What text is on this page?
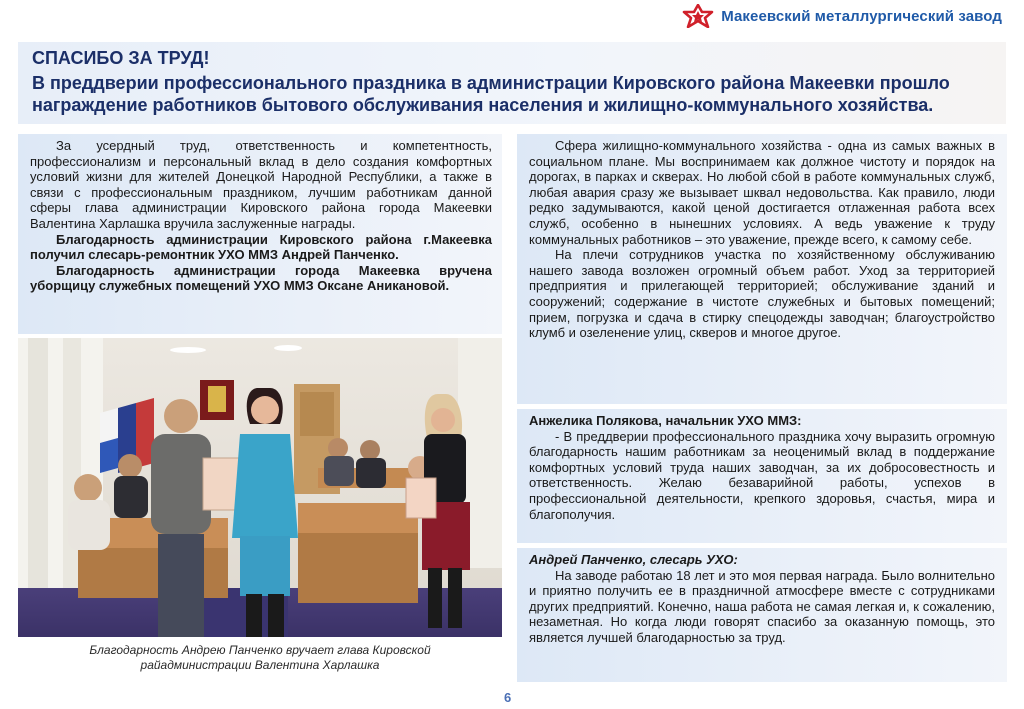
Макеевский металлургический завод
СПАСИБО ЗА ТРУД!
В преддверии профессионального праздника в администрации Кировского района Макеевки прошло награждение работников бытового обслуживания населения и жилищно-коммунального хозяйства.

За усердный труд, ответственность и компетентность, профессионализм и персональный вклад в дело создания комфортных условий жизни для жителей Донецкой Народной Республики, а также в связи с профессиональным праздником, лучшим работникам данной сферы глава администрации Кировского района города Макеевки Валентина Харлашка вручила заслуженные награды.

Благодарность администрации Кировского района г.Макеевка получил слесарь-ремонтник УХО ММЗ Андрей Панченко.

Благодарность администрации города Макеевка вручена уборщицу служебных помещений УХО ММЗ Оксане Аникановой.

Благодарность Андрею Панченко вручает глава Кировской
райадминистрации Валентина Харлашка

Сфера жилищно-коммунального хозяйства - одна из самых важных в социальном плане. Мы воспринимаем как должное чистоту и порядок на дорогах, в парках и скверах. Но любой сбой в работе коммунальных служб, любая авария сразу же вызывает шквал недовольства. Как правило, люди редко задумываются, какой ценой достигается отлаженная работа всех служб, особенно в нынешних условиях. А ведь уважение к труду коммунальных работников – это уважение, прежде всего, к самому себе.

На плечи сотрудников участка по хозяйственному обслуживанию нашего завода возложен огромный объем работ. Уход за территорией предприятия и прилегающей территорией; обслуживание зданий и сооружений; содержание в чистоте служебных и бытовых помещений; прием, погрузка и сдача в стирку спецодежды заводчан; благоустройство клумб и озеленение улиц, скверов и многое другое.

Анжелика Полякова, начальник УХО ММЗ:

- В преддверии профессионального праздника хочу выразить огромную благодарность нашим работникам за неоценимый вклад в поддержание комфортных условий труда наших заводчан, за их добросовестность и ответственность. Желаю безаварийной работы, успехов в профессиональной деятельности, крепкого здоровья, счастья, мира и благополучия.

Андрей Панченко, слесарь УХО:

На заводе работаю 18 лет и это моя первая награда. Было волнительно и приятно получить ее в праздничной атмосфере вместе с сотрудниками других предприятий. Конечно, наша работа не самая легкая и, к сожалению, незаметная. Но когда люди говорят спасибо за оказанную помощь, это является лучшей благодарностью за труд.

6
